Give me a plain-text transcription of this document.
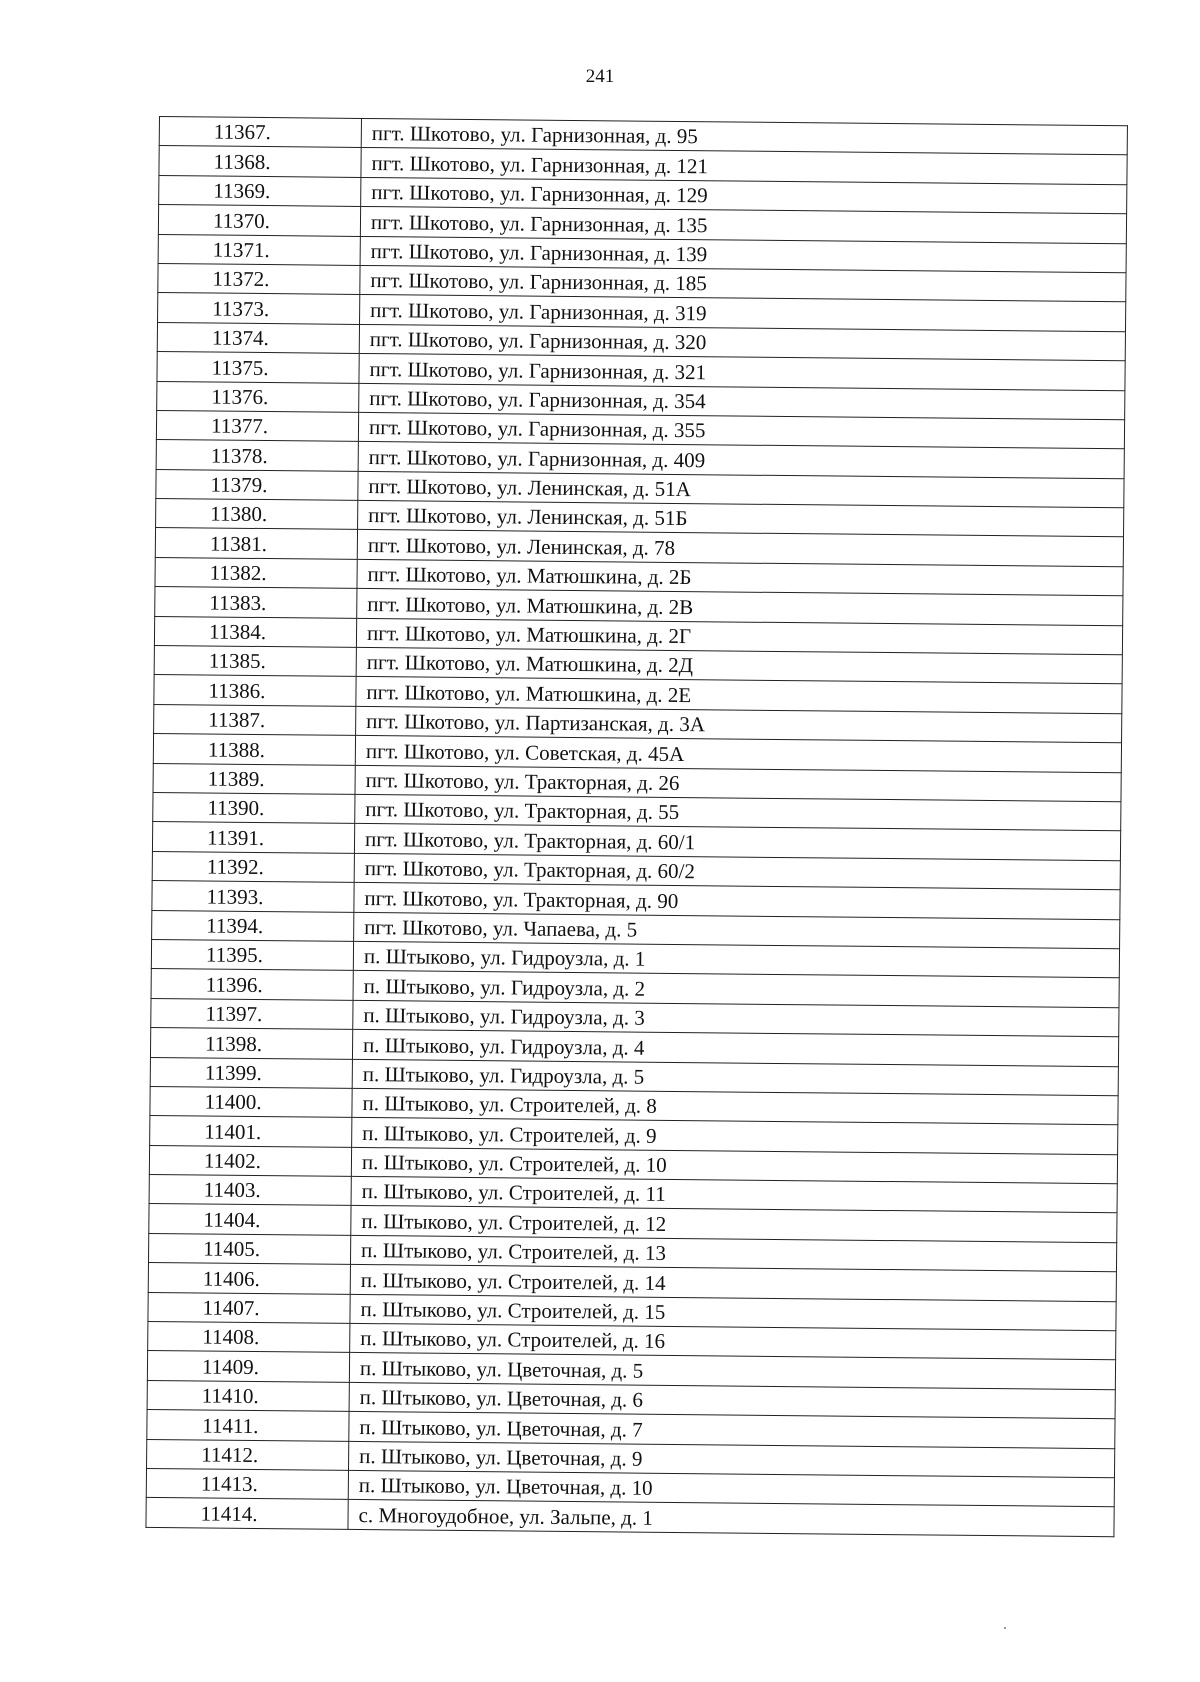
241
11367.	пгт. Шкотово, ул. Гарнизонная, д. 95
11368.	пгт. Шкотово, ул. Гарнизонная, д. 121
11369.	пгт. Шкотово, ул. Гарнизонная, д. 129
11370.	пгт. Шкотово, ул. Гарнизонная, д. 135
11371.	пгт. Шкотово, ул. Гарнизонная, д. 139
11372.	пгт. Шкотово, ул. Гарнизонная, д. 185
11373.	пгт. Шкотово, ул. Гарнизонная, д. 319
11374.	пгт. Шкотово, ул. Гарнизонная, д. 320
11375.	пгт. Шкотово, ул. Гарнизонная, д. 321
11376.	пгт. Шкотово, ул. Гарнизонная, д. 354
11377.	пгт. Шкотово, ул. Гарнизонная, д. 355
11378.	пгт. Шкотово, ул. Гарнизонная, д. 409
11379.	пгт. Шкотово, ул. Ленинская, д. 51А
11380.	пгт. Шкотово, ул. Ленинская, д. 51Б
11381.	пгт. Шкотово, ул. Ленинская, д. 78
11382.	пгт. Шкотово, ул. Матюшкина, д. 2Б
11383.	пгт. Шкотово, ул. Матюшкина, д. 2В
11384.	пгт. Шкотово, ул. Матюшкина, д. 2Г
11385.	пгт. Шкотово, ул. Матюшкина, д. 2Д
11386.	пгт. Шкотово, ул. Матюшкина, д. 2Е
11387.	пгт. Шкотово, ул. Партизанская, д. 3А
11388.	пгт. Шкотово, ул. Советская, д. 45А
11389.	пгт. Шкотово, ул. Тракторная, д. 26
11390.	пгт. Шкотово, ул. Тракторная, д. 55
11391.	пгт. Шкотово, ул. Тракторная, д. 60/1
11392.	пгт. Шкотово, ул. Тракторная, д. 60/2
11393.	пгт. Шкотово, ул. Тракторная, д. 90
11394.	пгт. Шкотово, ул. Чапаева, д. 5
11395.	п. Штыково, ул. Гидроузла, д. 1
11396.	п. Штыково, ул. Гидроузла, д. 2
11397.	п. Штыково, ул. Гидроузла, д. 3
11398.	п. Штыково, ул. Гидроузла, д. 4
11399.	п. Штыково, ул. Гидроузла, д. 5
11400.	п. Штыково, ул. Строителей, д. 8
11401.	п. Штыково, ул. Строителей, д. 9
11402.	п. Штыково, ул. Строителей, д. 10
11403.	п. Штыково, ул. Строителей, д. 11
11404.	п. Штыково, ул. Строителей, д. 12
11405.	п. Штыково, ул. Строителей, д. 13
11406.	п. Штыково, ул. Строителей, д. 14
11407.	п. Штыково, ул. Строителей, д. 15
11408.	п. Штыково, ул. Строителей, д. 16
11409.	п. Штыково, ул. Цветочная, д. 5
11410.	п. Штыково, ул. Цветочная, д. 6
11411.	п. Штыково, ул. Цветочная, д. 7
11412.	п. Штыково, ул. Цветочная, д. 9
11413.	п. Штыково, ул. Цветочная, д. 10
11414.	с. Многоудобное, ул. Зальпе, д. 1
